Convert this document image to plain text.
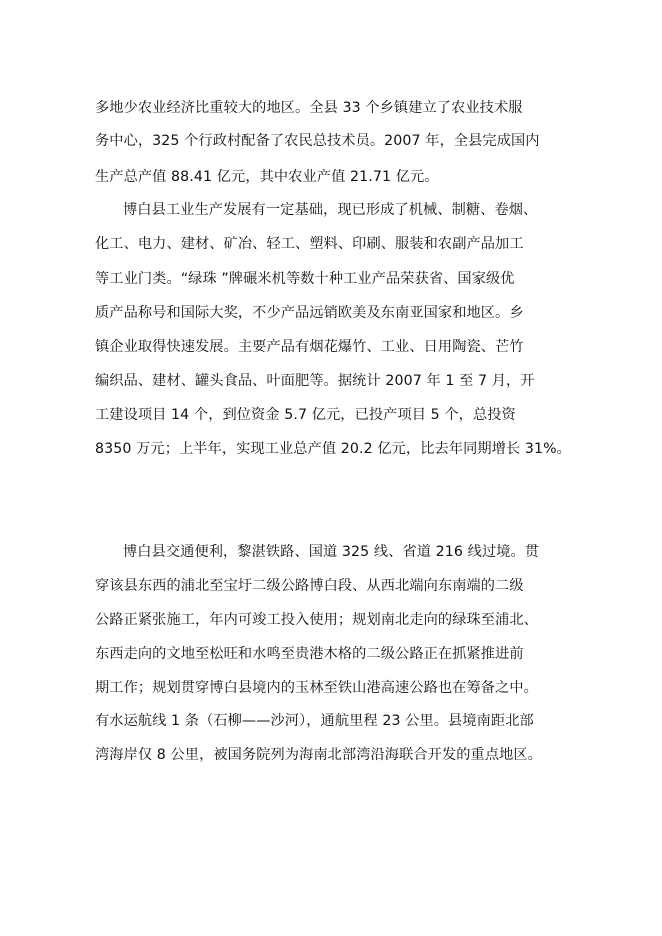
多地少农业经济比重较大的地区。全县 33 个乡镇建立了农业技术服
务中心，325 个行政村配备了农民总技术员。2007 年，全县完成国内
生产总产值 88.41 亿元，其中农业产值 21.71 亿元。
博白县工业生产发展有一定基础，现已形成了机械、制糖、卷烟、
化工、电力、建材、矿冶、轻工、塑料、印刷、服装和农副产品加工
等工业门类。“绿珠 ”牌碾米机等数十种工业产品荣获省、国家级优
质产品称号和国际大奖，不少产品远销欧美及东南亚国家和地区。乡
镇企业取得快速发展。主要产品有烟花爆竹、工业、日用陶瓷、芒竹
编织品、建材、罐头食品、叶面肥等。据统计 2007 年 1 至 7 月，开
工建设项目 14 个，到位资金 5.7 亿元，已投产项目 5 个，总投资
8350 万元；上半年，实现工业总产值 20.2 亿元，比去年同期增长 31%。
博白县交通便利，黎湛铁路、国道 325 线、省道 216 线过境。贯
穿该县东西的浦北至宝圩二级公路博白段、从西北端向东南端的二级
公路正紧张施工，年内可竣工投入使用；规划南北走向的绿珠至浦北、
东西走向的文地至松旺和水鸣至贵港木格的二级公路正在抓紧推进前
期工作；规划贯穿博白县境内的玉林至铁山港高速公路也在筹备之中。
有水运航线 1 条（石柳——沙河），通航里程 23 公里。县境南距北部
湾海岸仅 8 公里，被国务院列为海南北部湾沿海联合开发的重点地区。
